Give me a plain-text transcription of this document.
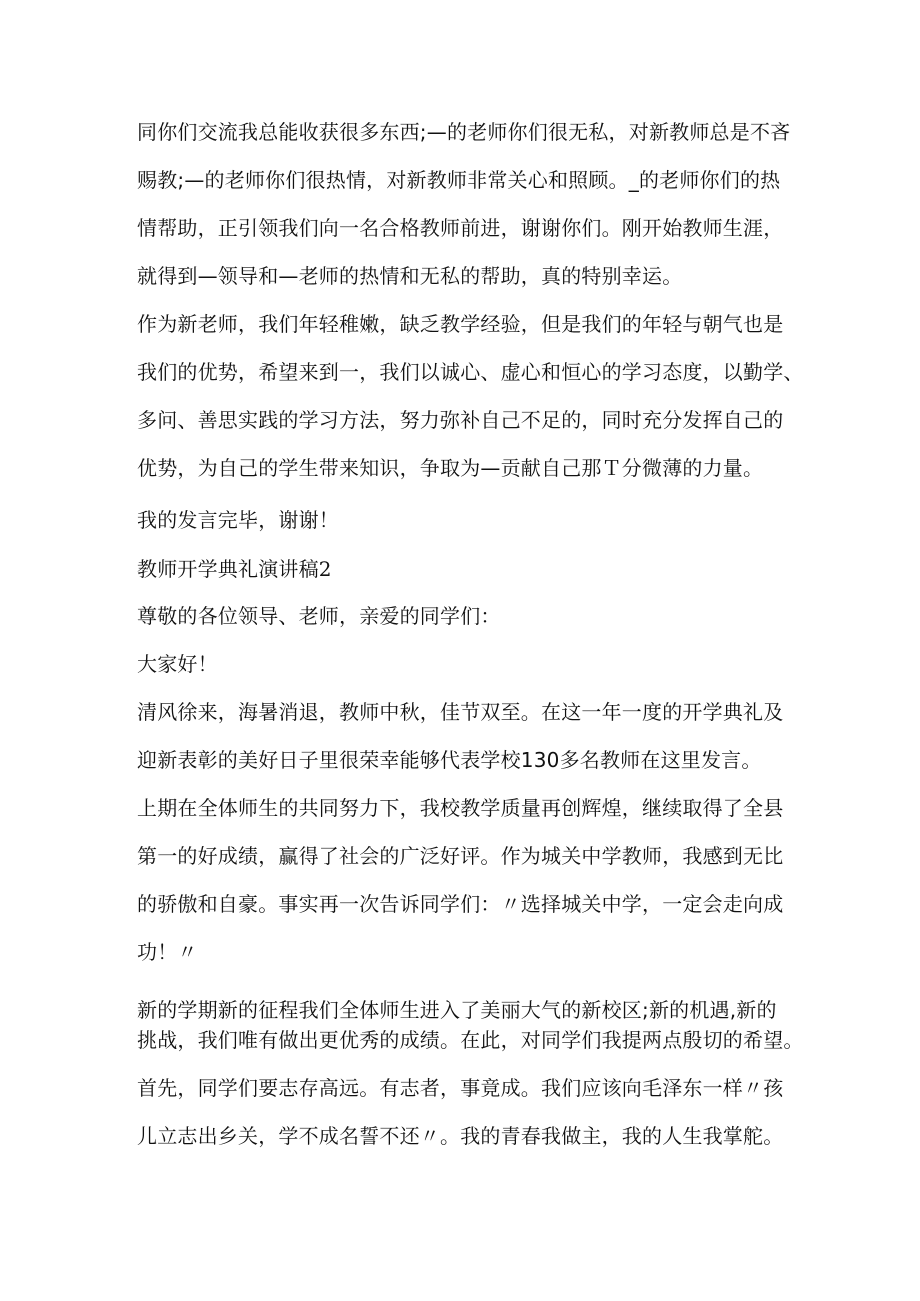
同你们交流我总能收获很多东西;—的老师你们很无私，对新教师总是不吝
赐教;—的老师你们很热情，对新教师非常关心和照顾。_的老师你们的热
情帮助，正引领我们向一名合格教师前进，谢谢你们。刚开始教师生涯，
就得到—领导和—老师的热情和无私的帮助，真的特别幸运。
作为新老师，我们年轻稚嫩，缺乏教学经验，但是我们的年轻与朝气也是
我们的优势，希望来到一，我们以诚心、虚心和恒心的学习态度，以勤学、
多问、善思实践的学习方法，努力弥补自己不足的，同时充分发挥自己的
优势，为自己的学生带来知识，争取为—贡献自己那Ｔ分微薄的力量。
我的发言完毕，谢谢！
教师开学典礼演讲稿2
尊敬的各位领导、老师，亲爱的同学们：
大家好！
清风徐来，海暑消退，教师中秋，佳节双至。在这一年一度的开学典礼及
迎新表彰的美好日子里很荣幸能够代表学校130多名教师在这里发言。
上期在全体师生的共同努力下，我校教学质量再创辉煌，继续取得了全县
第一的好成绩，赢得了社会的广泛好评。作为城关中学教师，我感到无比
的骄傲和自豪。事实再一次告诉同学们：〃选择城关中学，一定会走向成
功！〃
新的学期新的征程我们全体师生进入了美丽大气的新校区;新的机遇,新的
挑战，我们唯有做出更优秀的成绩。在此，对同学们我提两点殷切的希望。
首先，同学们要志存高远。有志者，事竟成。我们应该向毛泽东一样〃孩
儿立志出乡关，学不成名誓不还〃。我的青春我做主，我的人生我掌舵。
